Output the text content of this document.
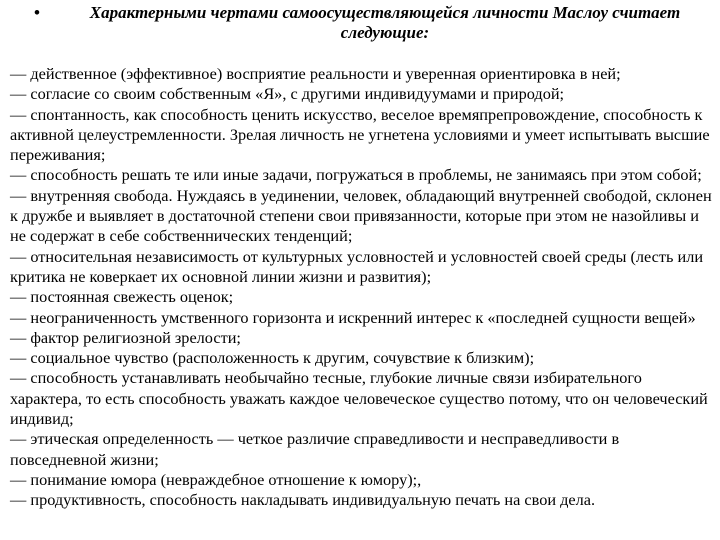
•	Характерными чертами самоосуществляющейся личности Маслоу считает следующие:
— действенное (эффективное) восприятие реальности и уверенная ориентировка в ней;
— согласие со своим собственным «Я», с другими индивидуумами и природой;
— спонтанность, как способность ценить искусство, веселое времяпрепровождение, способность к активной целеустремленности. Зрелая личность не угнетена условиями и умеет испытывать высшие переживания;
— способность решать те или иные задачи, погружаться в проблемы, не занимаясь при этом собой;
— внутренняя свобода. Нуждаясь в уединении, человек, обладающий внутренней свободой, склонен к дружбе и выявляет в достаточной степени свои привязанности, которые при этом не назойливы и не содержат в себе собственнических тенденций;
— относительная независимость от культурных условностей и условностей своей среды (лесть или критика не коверкает их основной линии жизни и развития);
— постоянная свежесть оценок;
— неограниченность умственного горизонта и искренний интерес к «последней сущности вещей» — фактор религиозной зрелости;
— социальное чувство (расположенность к другим, сочувствие к близким);
— способность устанавливать необычайно тесные, глубокие личные связи избирательного характера, то есть способность уважать каждое человеческое существо потому, что он человеческий индивид;
— этическая определенность — четкое различие справедливости и несправедливости в повседневной жизни;
— понимание юмора (невраждебное отношение к юмору);,
— продуктивность, способность накладывать индивидуальную печать на свои дела.
